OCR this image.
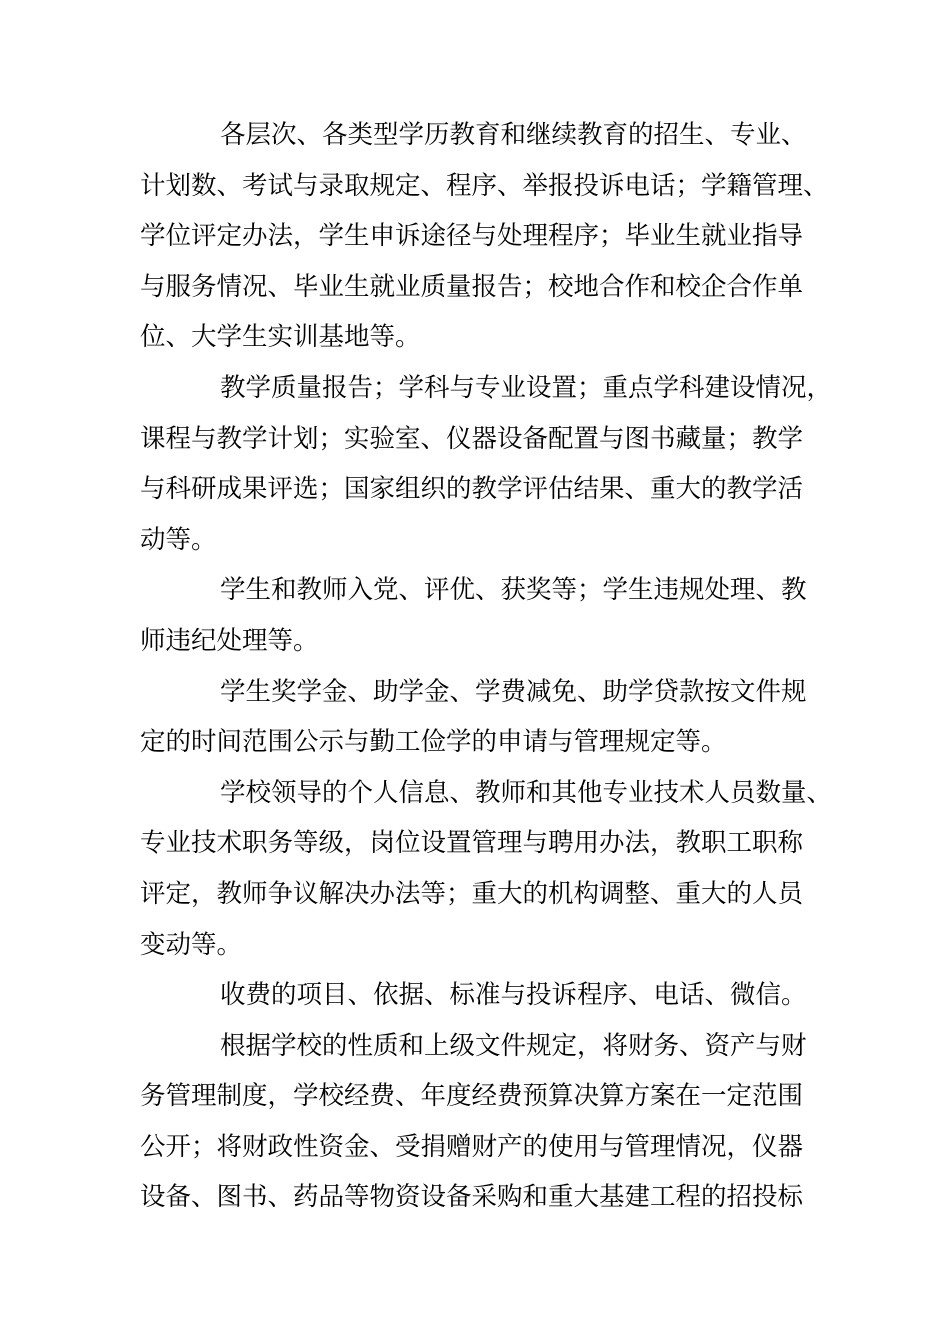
各层次、各类型学历教育和继续教育的招生、专业、
计划数、考试与录取规定、程序、举报投诉电话；学籍管理、
学位评定办法，学生申诉途径与处理程序；毕业生就业指导
与服务情况、毕业生就业质量报告；校地合作和校企合作单
位、大学生实训基地等。

教学质量报告；学科与专业设置；重点学科建设情况，
课程与教学计划；实验室、仪器设备配置与图书藏量；教学
与科研成果评选；国家组织的教学评估结果、重大的教学活
动等。

学生和教师入党、评优、获奖等；学生违规处理、教
师违纪处理等。

学生奖学金、助学金、学费减免、助学贷款按文件规
定的时间范围公示与勤工俭学的申请与管理规定等。

学校领导的个人信息、教师和其他专业技术人员数量、
专业技术职务等级，岗位设置管理与聘用办法，教职工职称
评定，教师争议解决办法等；重大的机构调整、重大的人员
变动等。

收费的项目、依据、标准与投诉程序、电话、微信。

根据学校的性质和上级文件规定，将财务、资产与财
务管理制度，学校经费、年度经费预算决算方案在一定范围
公开；将财政性资金、受捐赠财产的使用与管理情况，仪器
设备、图书、药品等物资设备采购和重大基建工程的招投标
